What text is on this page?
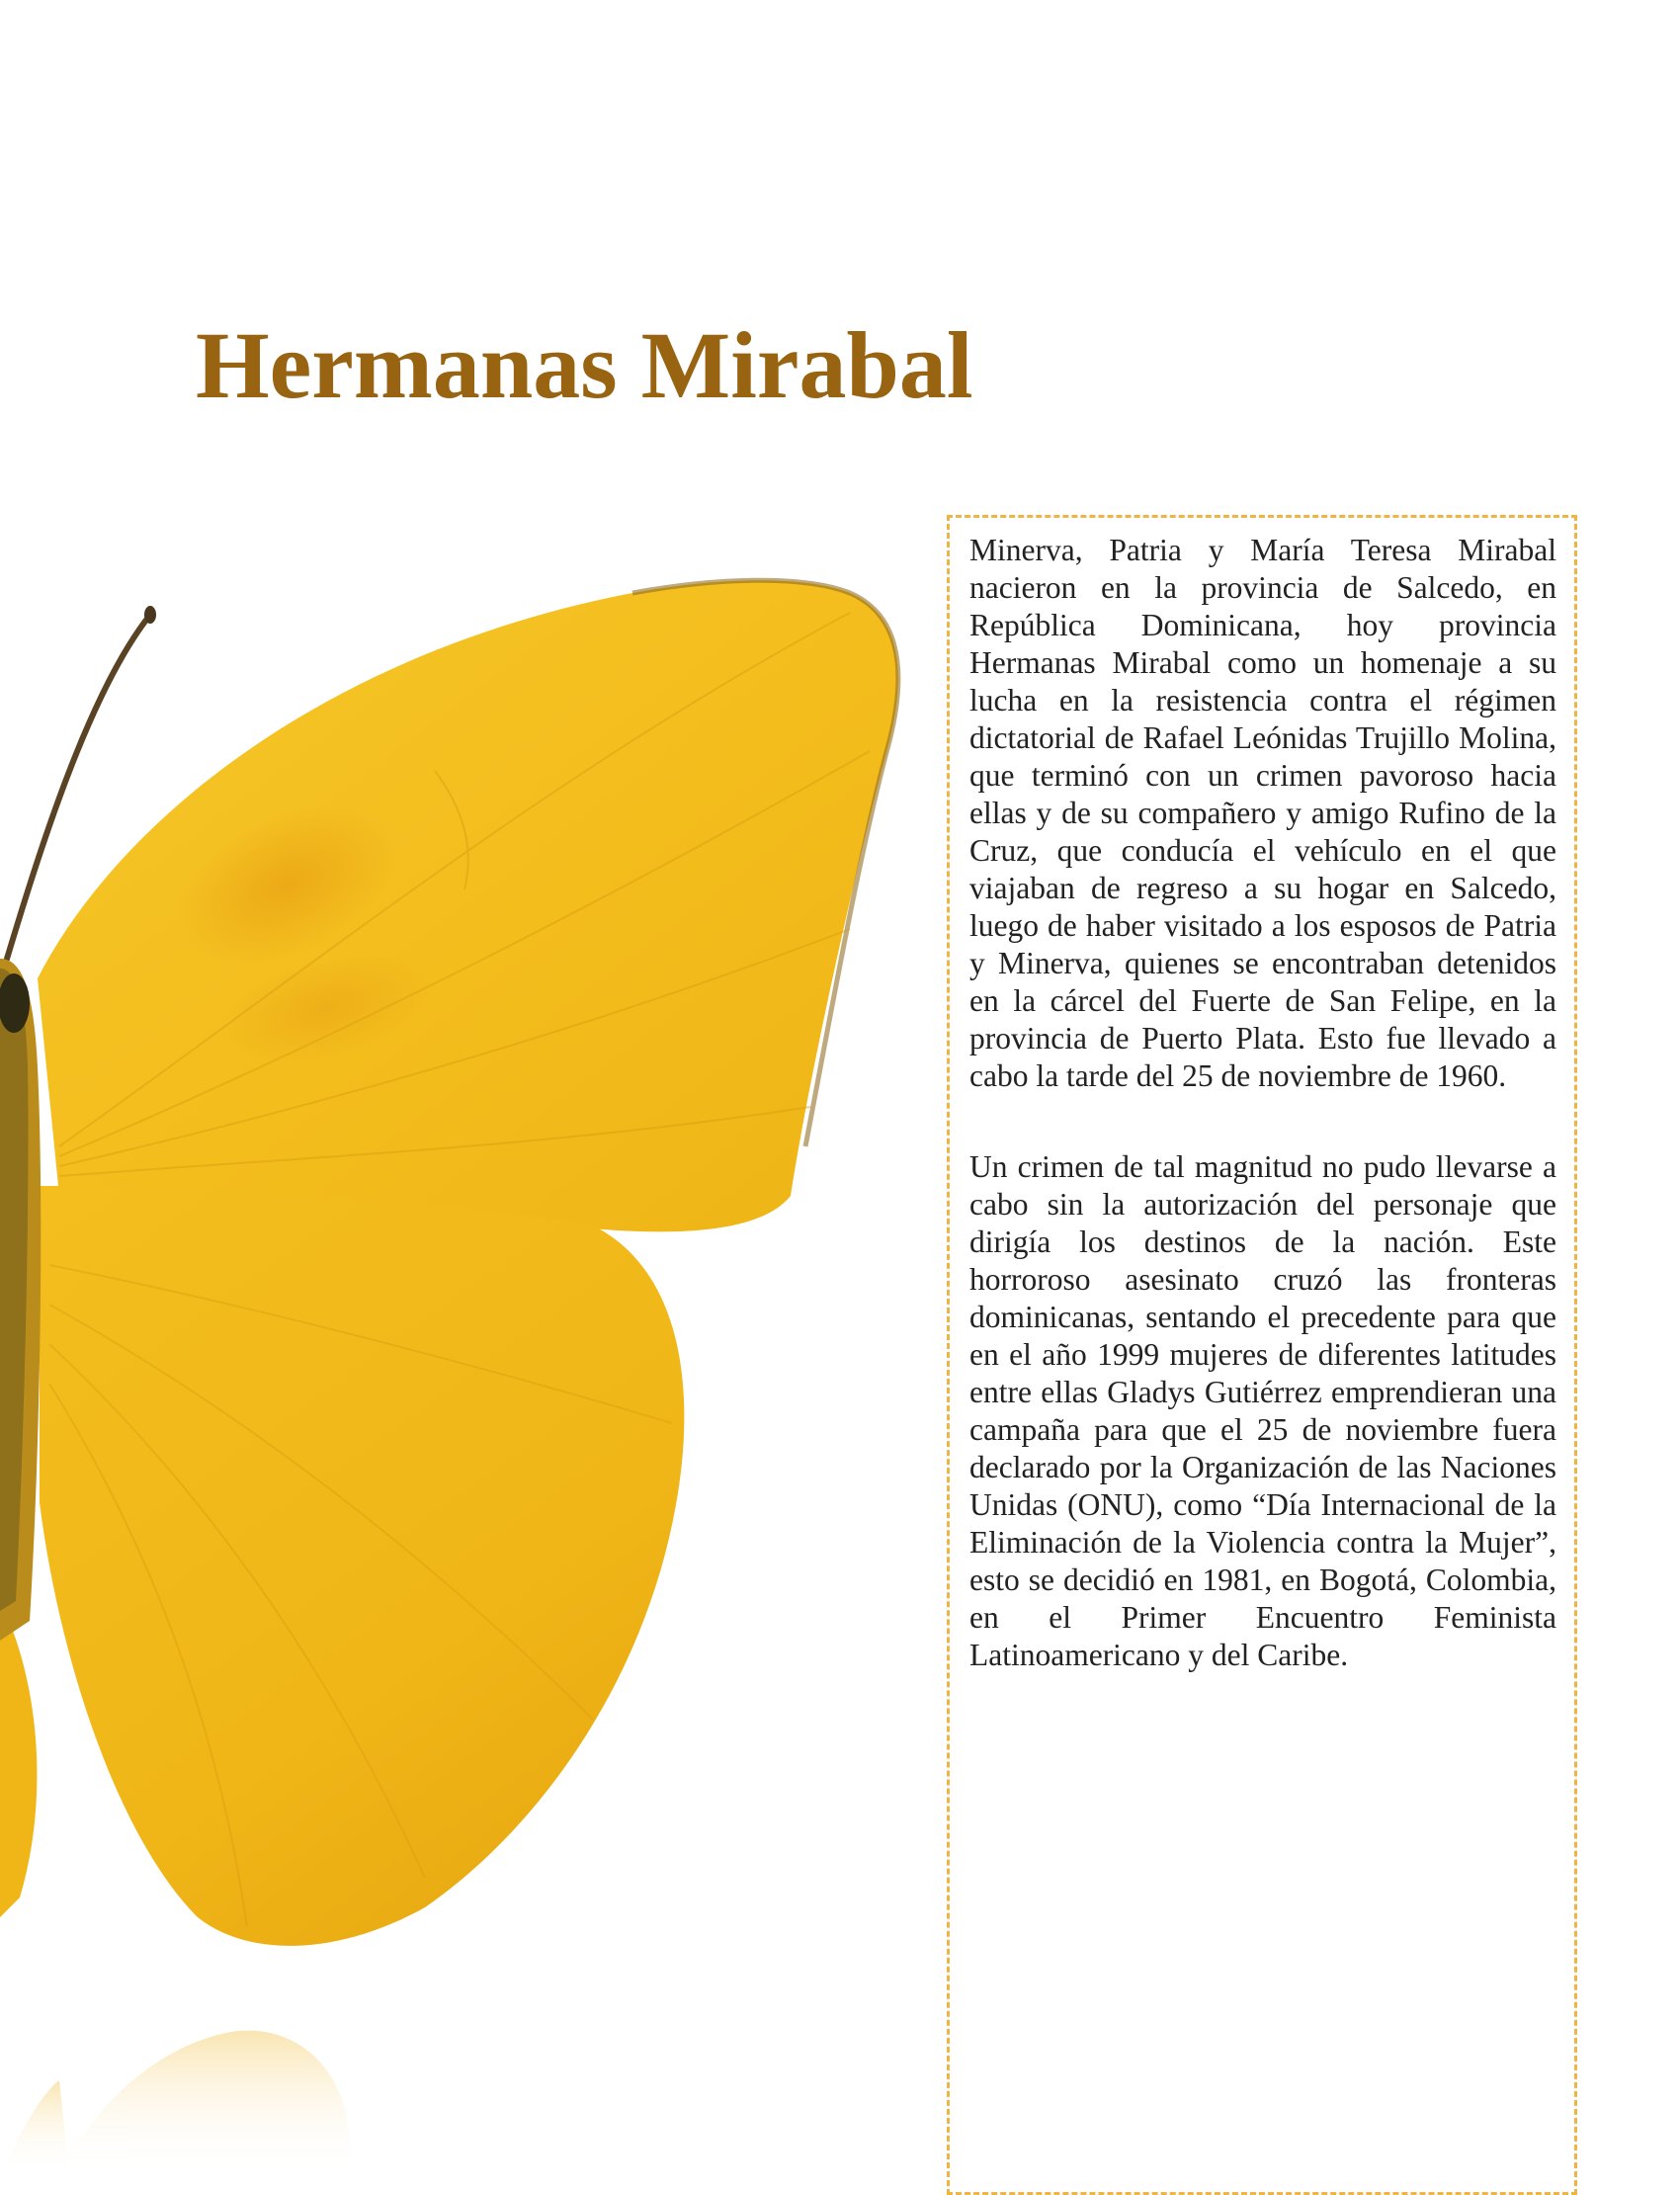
Hermanas Mirabal

Minerva, Patria y María Teresa Mirabal nacieron en la provincia de Salcedo, en República Dominicana, hoy provincia Hermanas Mirabal como un homenaje a su lucha en la resistencia contra el régimen dictatorial de Rafael Leónidas Trujillo Molina, que terminó con un crimen pavoroso hacia ellas y de su compañero y amigo Rufino de la Cruz, que conducía el vehículo en el que viajaban de regreso a su hogar en Salcedo, luego de haber visitado a los esposos de Patria y Minerva, quienes se encontraban detenidos en la cárcel del Fuerte de San Felipe, en la provincia de Puerto Plata. Esto fue llevado a cabo la tarde del 25 de noviembre de 1960.

Un crimen de tal magnitud no pudo llevarse a cabo sin la autorización del personaje que dirigía los destinos de la nación. Este horroroso asesinato cruzó las fronteras dominicanas, sentando el precedente para que en el año 1999 mujeres de diferentes latitudes entre ellas Gladys Gutiérrez emprendieran una campaña para que el 25 de noviembre fuera declarado por la Organización de las Naciones Unidas (ONU), como “Día Internacional de la Eliminación de la Violencia contra la Mujer”, esto se decidió en 1981, en Bogotá, Colombia, en el Primer Encuentro Feminista Latinoamericano y del Caribe.
